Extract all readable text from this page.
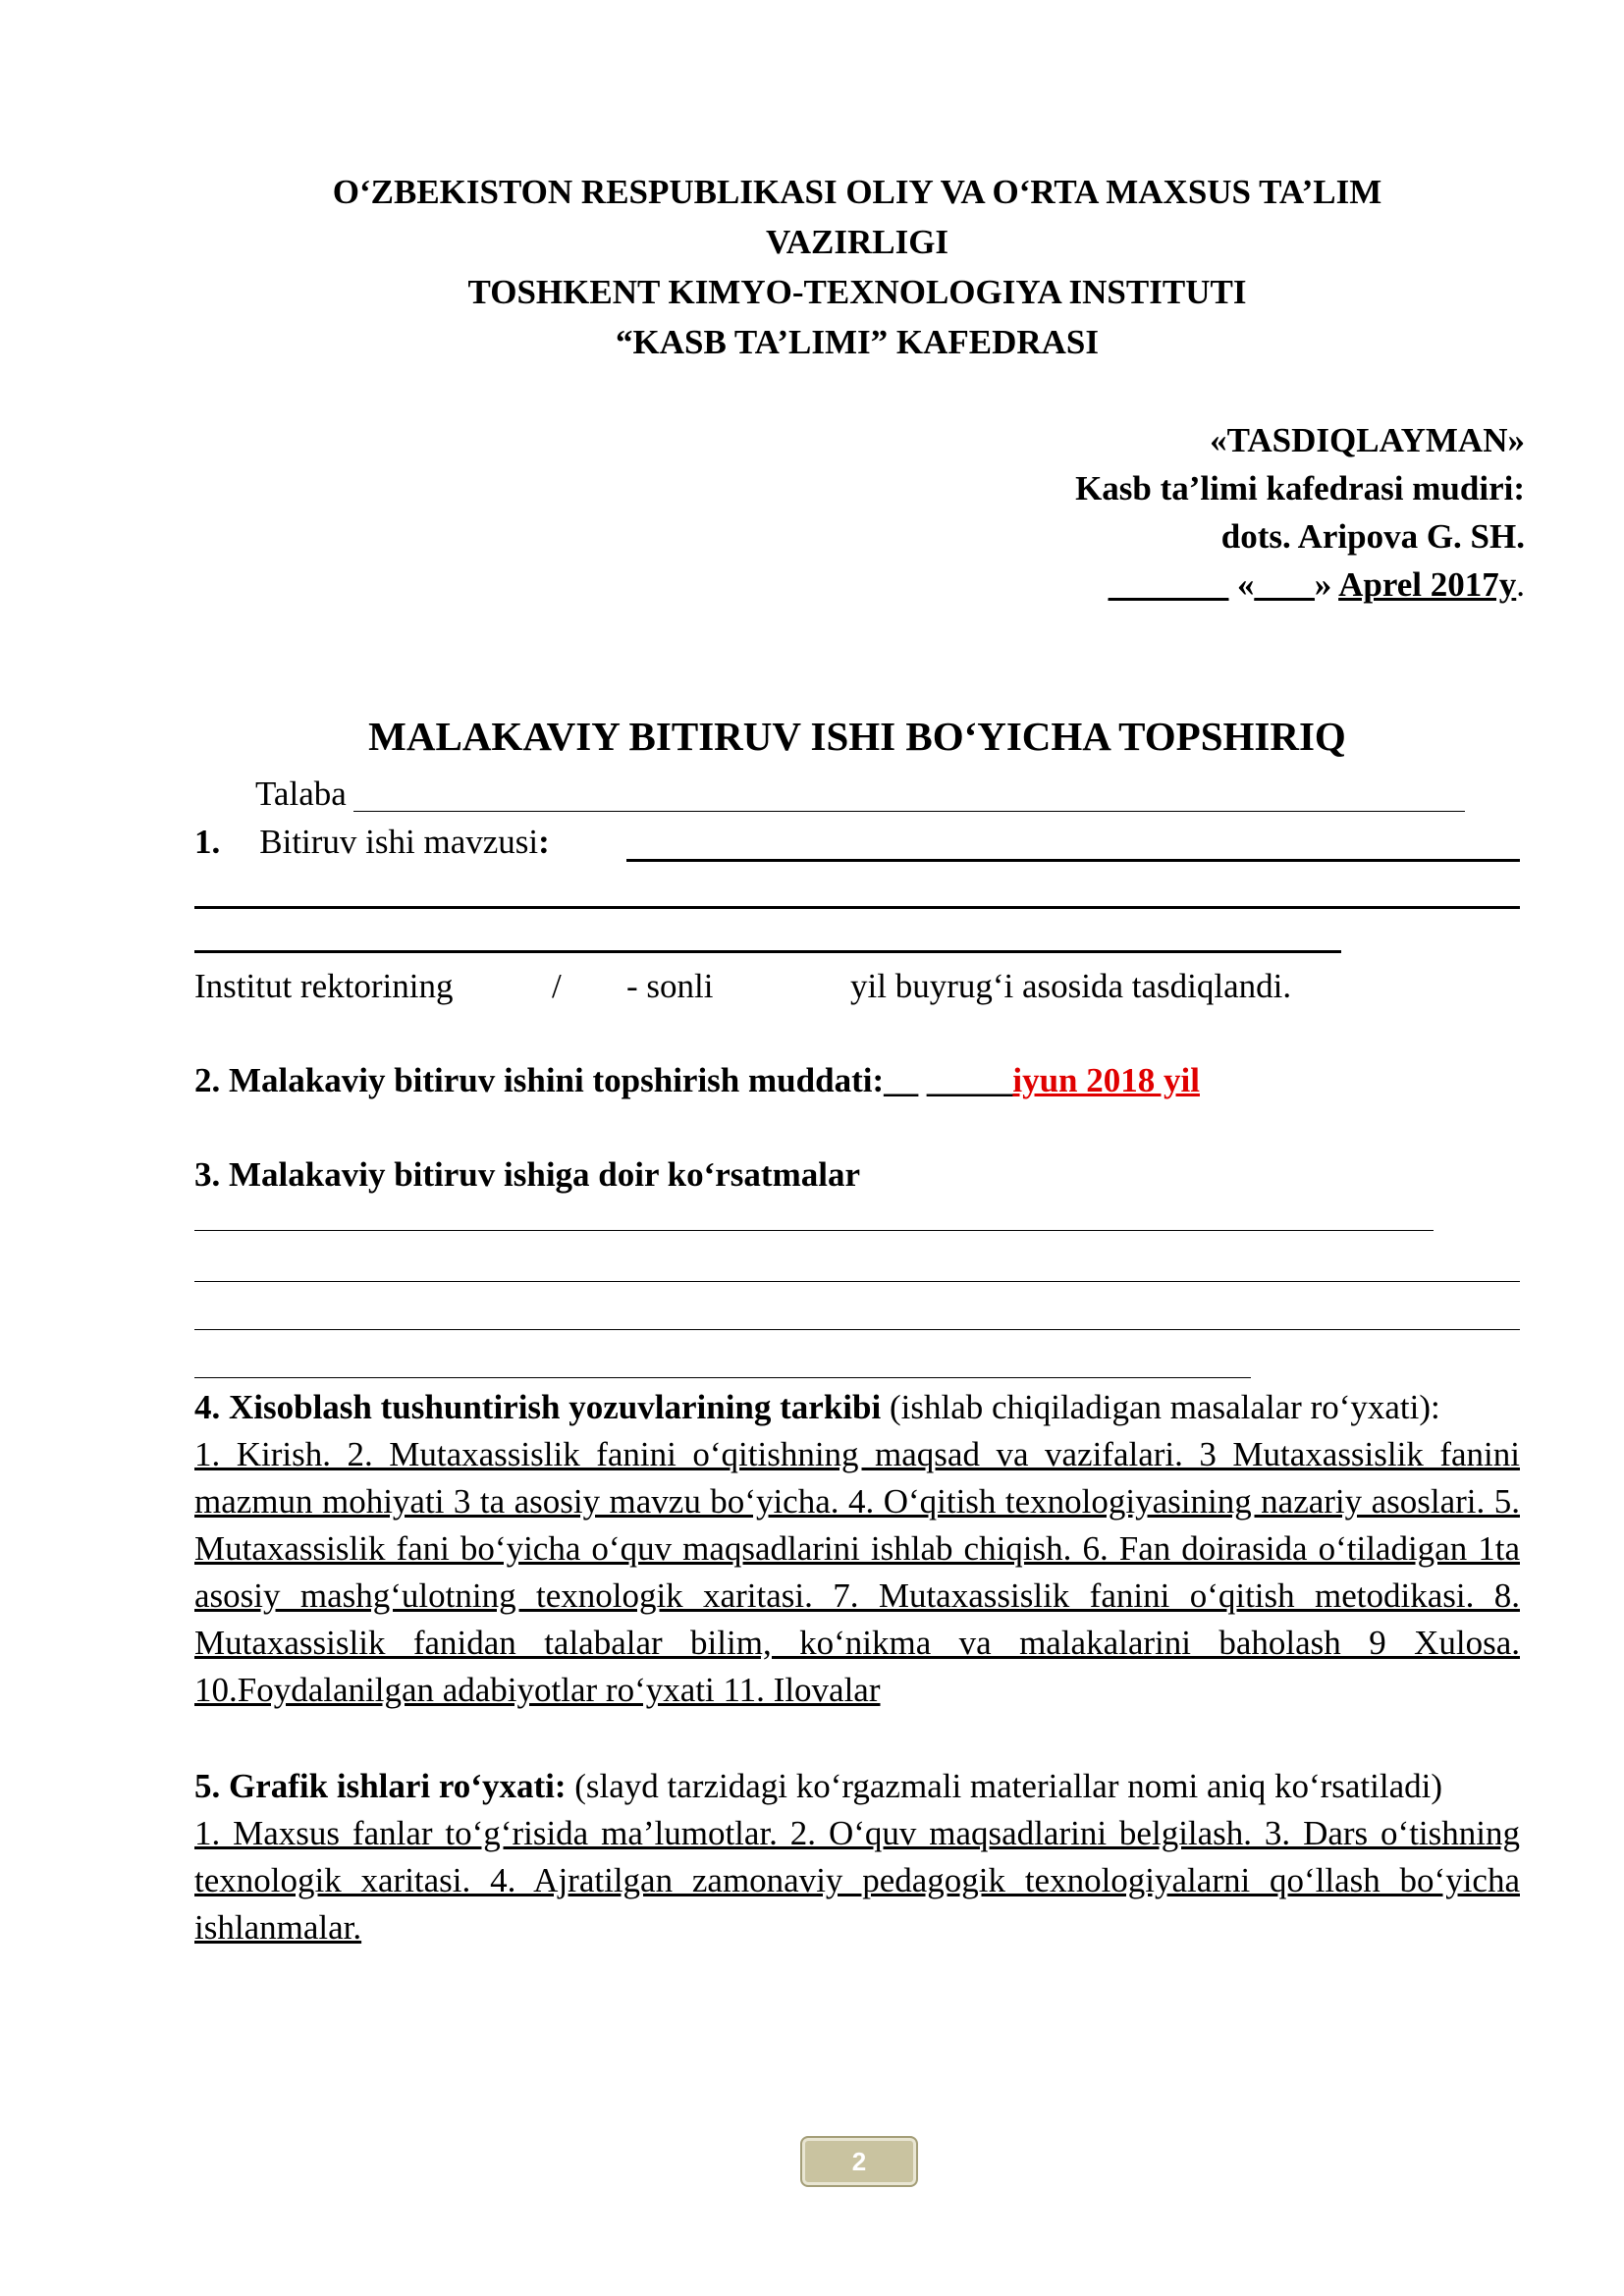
O‘ZBEKISTON RESPUBLIKASI OLIY VA O‘RTA MAXSUS TA’LIM
VAZIRLIGI
TOSHKENT KIMYO-TEXNOLOGIYA INSTITUTI
“KASB TA’LIMI” KAFEDRASI
«TASDIQLAYMAN»
Kasb ta’limi kafedrasi mudiri:
dots. Aripova G. SH.
_______ «_ __» Aprel 2017y.
MALAKAVIY BITIRUV ISHI BO‘YICHA TOPSHIRIQ
Talaba
1. Bitiruv ishi mavzusi:
Institut rektorining	/ - sonli	yil buyrug‘i asosida tasdiqlandi.
2. Malakaviy bitiruv ishini topshirish muddati:__ _____iyun 2018 yil
3. Malakaviy bitiruv ishiga doir ko‘rsatmalar
4. Xisoblash tushuntirish yozuvlarining tarkibi (ishlab chiqiladigan masalalar ro‘yxati):
1. Kirish. 2. Mutaxassislik fanini o‘qitishning maqsad va vazifalari. 3 Mutaxassislik fanini mazmun mohiyati 3 ta asosiy mavzu bo‘yicha. 4. O‘qitish texnologiyasining nazariy asoslari. 5. Mutaxassislik fani bo‘yicha o‘quv maqsadlarini ishlab chiqish. 6. Fan doirasida o‘tiladigan 1ta asosiy mashg‘ulotning texnologik xaritasi. 7. Mutaxassislik fanini o‘qitish metodikasi. 8. Mutaxassislik fanidan talabalar bilim, ko‘nikma va malakalarini baholash 9 Xulosa. 10.Foydalanilgan adabiyotlar ro‘yxati 11. Ilovalar
5. Grafik ishlari ro‘yxati: (slayd tarzidagi ko‘rgazmali materiallar nomi aniq ko‘rsatiladi)
1. Maxsus fanlar to‘g‘risida ma’lumotlar. 2. O‘quv maqsadlarini belgilash. 3. Dars o‘tishning texnologik xaritasi. 4. Ajratilgan zamonaviy pedagogik texnologiyalarni qo‘llash bo‘yicha ishlanmalar.
2
